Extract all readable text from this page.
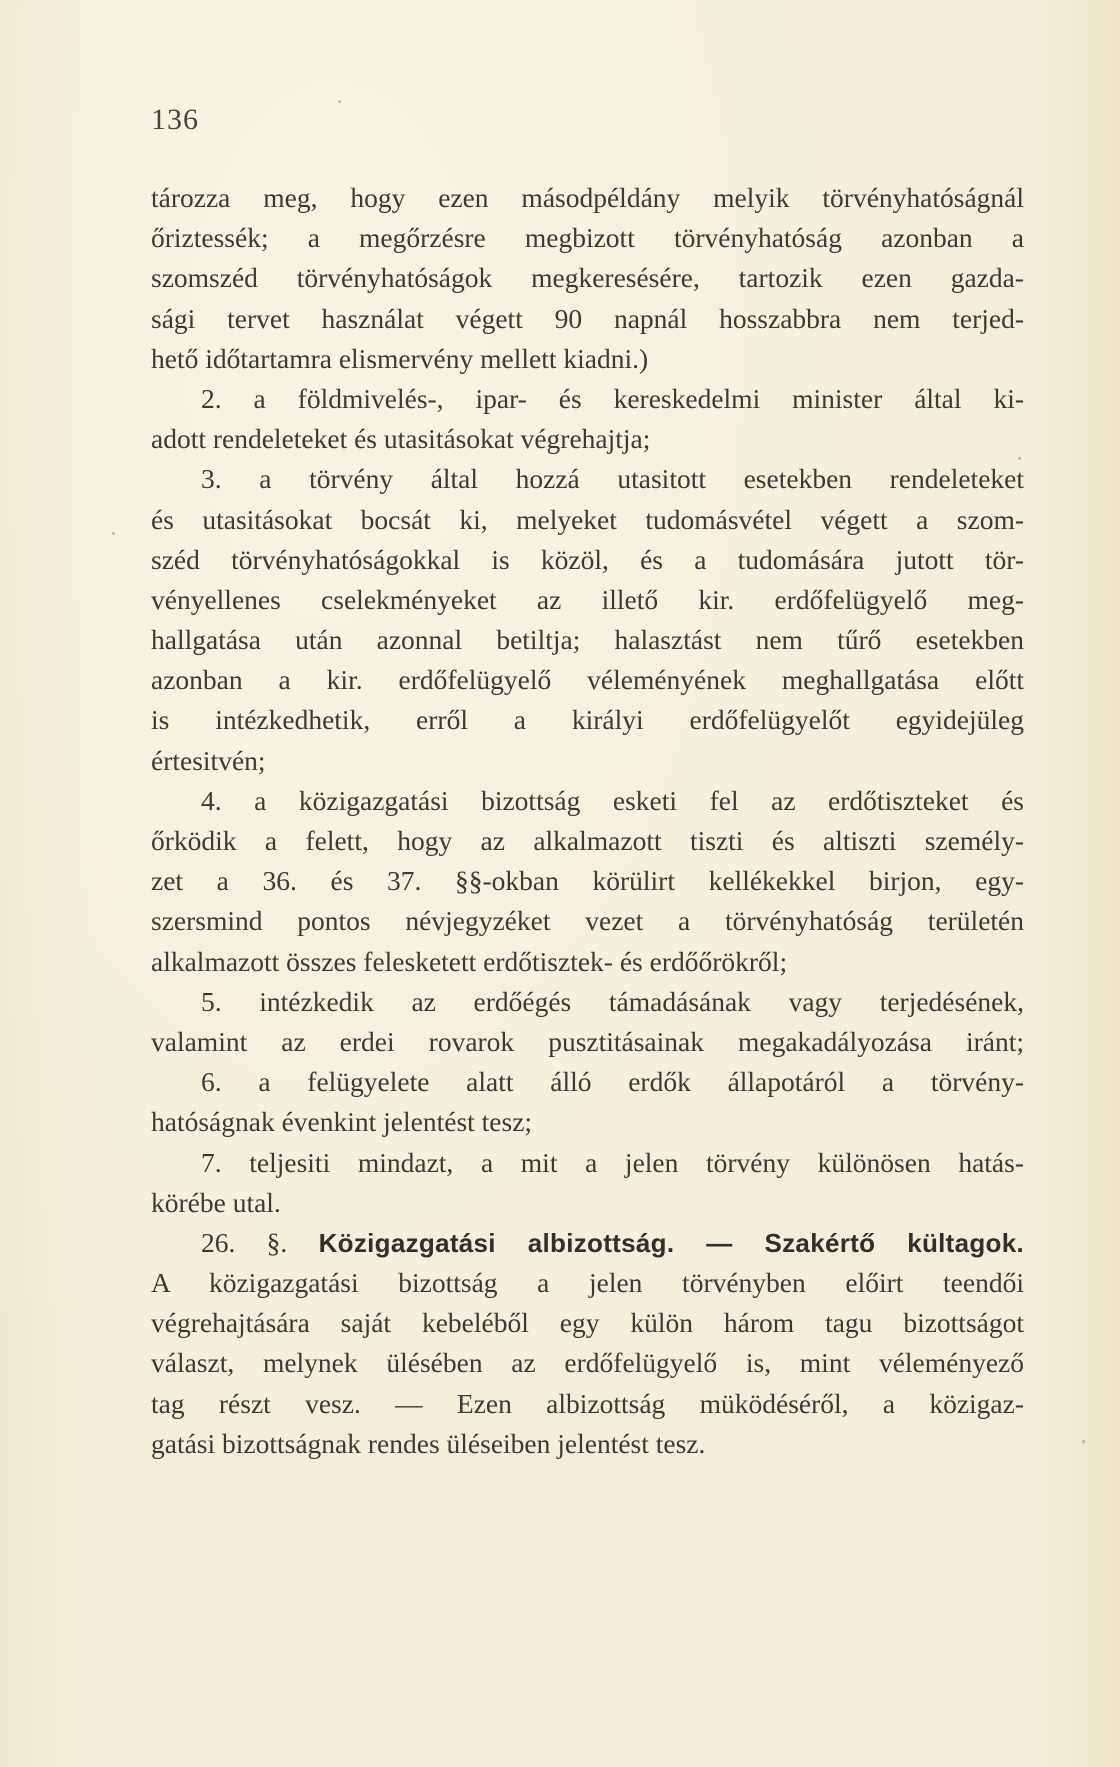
136
tározza meg, hogy ezen másodpéldány melyik törvényhatóságnál
őriztessék; a megőrzésre megbizott törvényhatóság azonban a
szomszéd törvényhatóságok megkeresésére, tartozik ezen gazda-
sági tervet használat végett 90 napnál hosszabbra nem terjed-
hető időtartamra elismervény mellett kiadni.)
2. a földmivelés-, ipar- és kereskedelmi minister által ki-
adott rendeleteket és utasitásokat végrehajtja;
3. a törvény által hozzá utasitott esetekben rendeleteket
és utasitásokat bocsát ki, melyeket tudomásvétel végett a szom-
széd törvényhatóságokkal is közöl, és a tudomására jutott tör-
vényellenes cselekményeket az illető kir. erdőfelügyelő meg-
hallgatása után azonnal betiltja; halasztást nem tűrő esetekben
azonban a kir. erdőfelügyelő véleményének meghallgatása előtt
is intézkedhetik, erről a királyi erdőfelügyelőt egyidejüleg
értesitvén;
4. a közigazgatási bizottság esketi fel az erdőtiszteket és
őrködik a felett, hogy az alkalmazott tiszti és altiszti személy-
zet a 36. és 37. §§-okban körülirt kellékekkel birjon, egy-
szersmind pontos névjegyzéket vezet a törvényhatóság területén
alkalmazott összes felesketett erdőtisztek- és erdőőrökről;
5. intézkedik az erdőégés támadásának vagy terjedésének,
valamint az erdei rovarok pusztitásainak megakadályozása iránt;
6. a felügyelete alatt álló erdők állapotáról a törvény-
hatóságnak évenkint jelentést tesz;
7. teljesiti mindazt, a mit a jelen törvény különösen hatás-
körébe utal.
26. §. Közigazgatási albizottság. — Szakértő kültagok.
A közigazgatási bizottság a jelen törvényben előirt teendői
végrehajtására saját kebeléből egy külön három tagu bizottságot
választ, melynek ülésében az erdőfelügyelő is, mint véleményező
tag részt vesz. — Ezen albizottság müködéséről, a közigaz-
gatási bizottságnak rendes üléseiben jelentést tesz.
